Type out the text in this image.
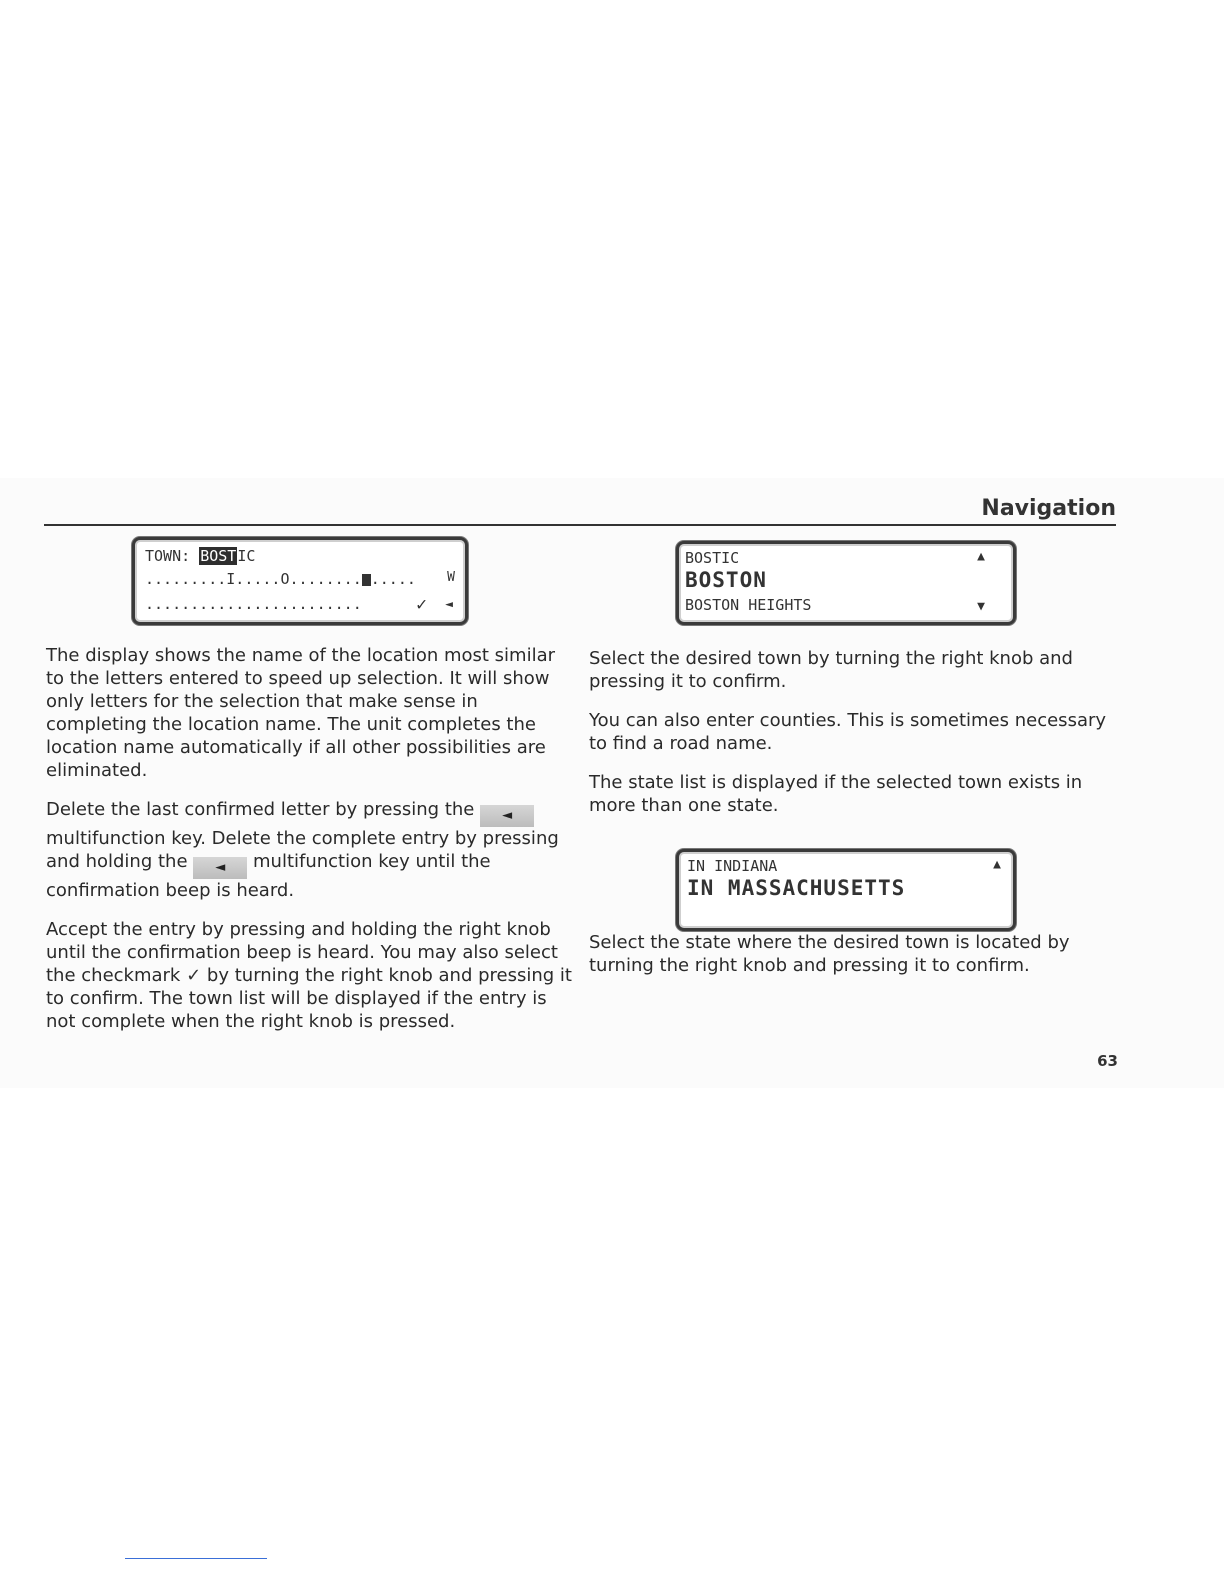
Navigation
TOWN: BOSTIC
.........I.....O........ ..... W
........................	✓ ◄
BOSTIC
BOSTON
BOSTON HEIGHTS
▲
▼
IN INDIANA
IN MASSACHUSETTS
▲

The display shows the name of the location most similar to the letters entered to speed up selection. It will show only letters for the selection that make sense in completing the location name. The unit completes the location name automatically if all other possibilities are eliminated.

Delete the last confirmed letter by pressing the ◄ multifunction key. Delete the complete entry by pressing and holding the ◄ multifunction key until the confirmation beep is heard.

Accept the entry by pressing and holding the right knob until the confirmation beep is heard. You may also select the checkmark ✓ by turning the right knob and pressing it to confirm. The town list will be displayed if the entry is not complete when the right knob is pressed.

Select the desired town by turning the right knob and pressing it to confirm.

You can also enter counties. This is sometimes necessary to find a road name.

The state list is displayed if the selected town exists in more than one state.

Select the state where the desired town is located by turning the right knob and pressing it to confirm.

63
